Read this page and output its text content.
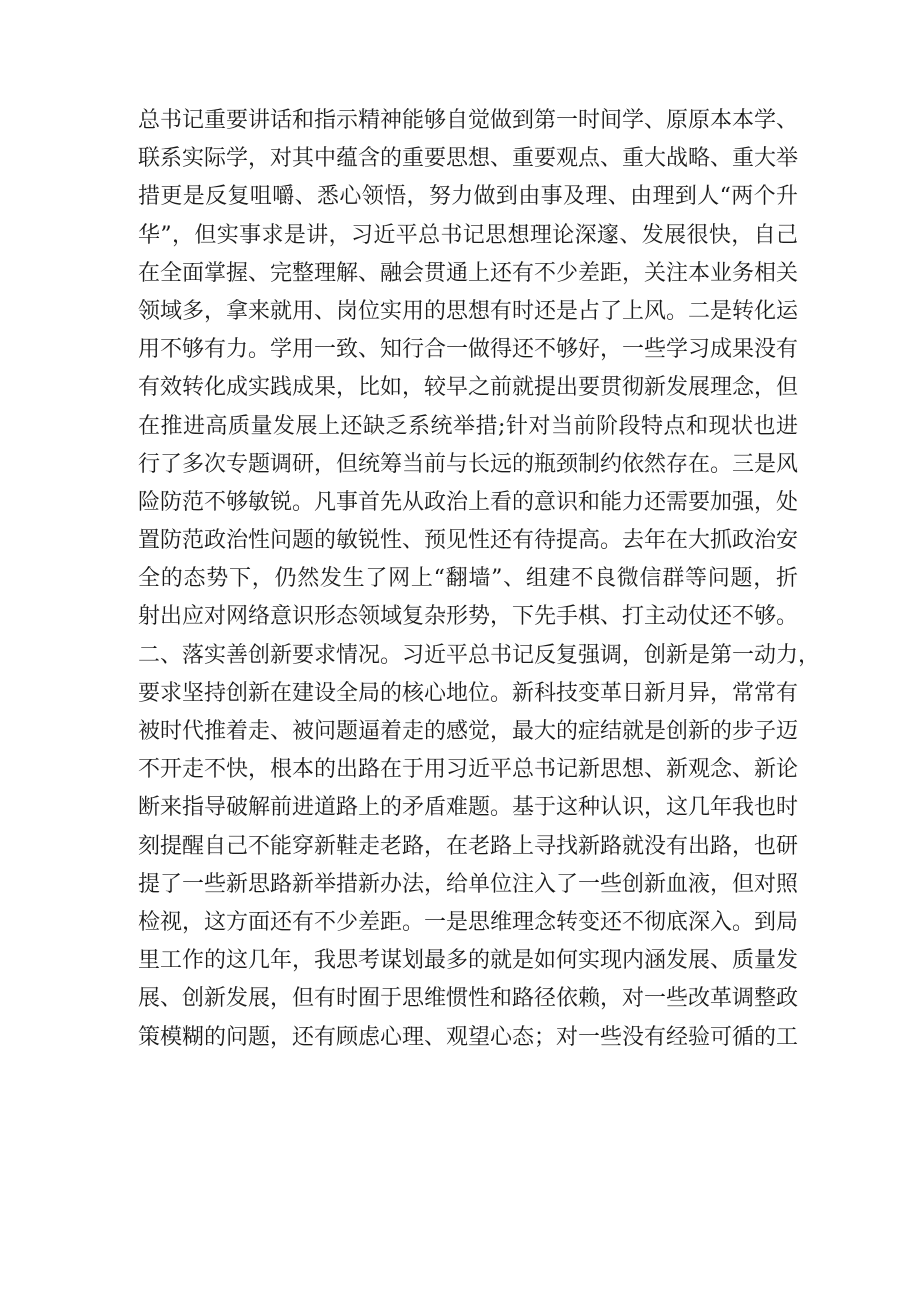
总书记重要讲话和指示精神能够自觉做到第一时间学、原原本本学、
联系实际学，对其中蕴含的重要思想、重要观点、重大战略、重大举
措更是反复咀嚼、悉心领悟，努力做到由事及理、由理到人“两个升
华”，但实事求是讲，习近平总书记思想理论深邃、发展很快，自己
在全面掌握、完整理解、融会贯通上还有不少差距，关注本业务相关
领域多，拿来就用、岗位实用的思想有时还是占了上风。二是转化运
用不够有力。学用一致、知行合一做得还不够好，一些学习成果没有
有效转化成实践成果，比如，较早之前就提出要贯彻新发展理念，但
在推进高质量发展上还缺乏系统举措;针对当前阶段特点和现状也进
行了多次专题调研，但统筹当前与长远的瓶颈制约依然存在。三是风
险防范不够敏锐。凡事首先从政治上看的意识和能力还需要加强，处
置防范政治性问题的敏锐性、预见性还有待提高。去年在大抓政治安
全的态势下，仍然发生了网上“翻墙”、组建不良微信群等问题，折
射出应对网络意识形态领域复杂形势，下先手棋、打主动仗还不够。
二、落实善创新要求情况。习近平总书记反复强调，创新是第一动力，
要求坚持创新在建设全局的核心地位。新科技变革日新月异，常常有
被时代推着走、被问题逼着走的感觉，最大的症结就是创新的步子迈
不开走不快，根本的出路在于用习近平总书记新思想、新观念、新论
断来指导破解前进道路上的矛盾难题。基于这种认识，这几年我也时
刻提醒自己不能穿新鞋走老路，在老路上寻找新路就没有出路，也研
提了一些新思路新举措新办法，给单位注入了一些创新血液，但对照
检视，这方面还有不少差距。一是思维理念转变还不彻底深入。到局
里工作的这几年，我思考谋划最多的就是如何实现内涵发展、质量发
展、创新发展，但有时囿于思维惯性和路径依赖，对一些改革调整政
策模糊的问题，还有顾虑心理、观望心态；对一些没有经验可循的工
